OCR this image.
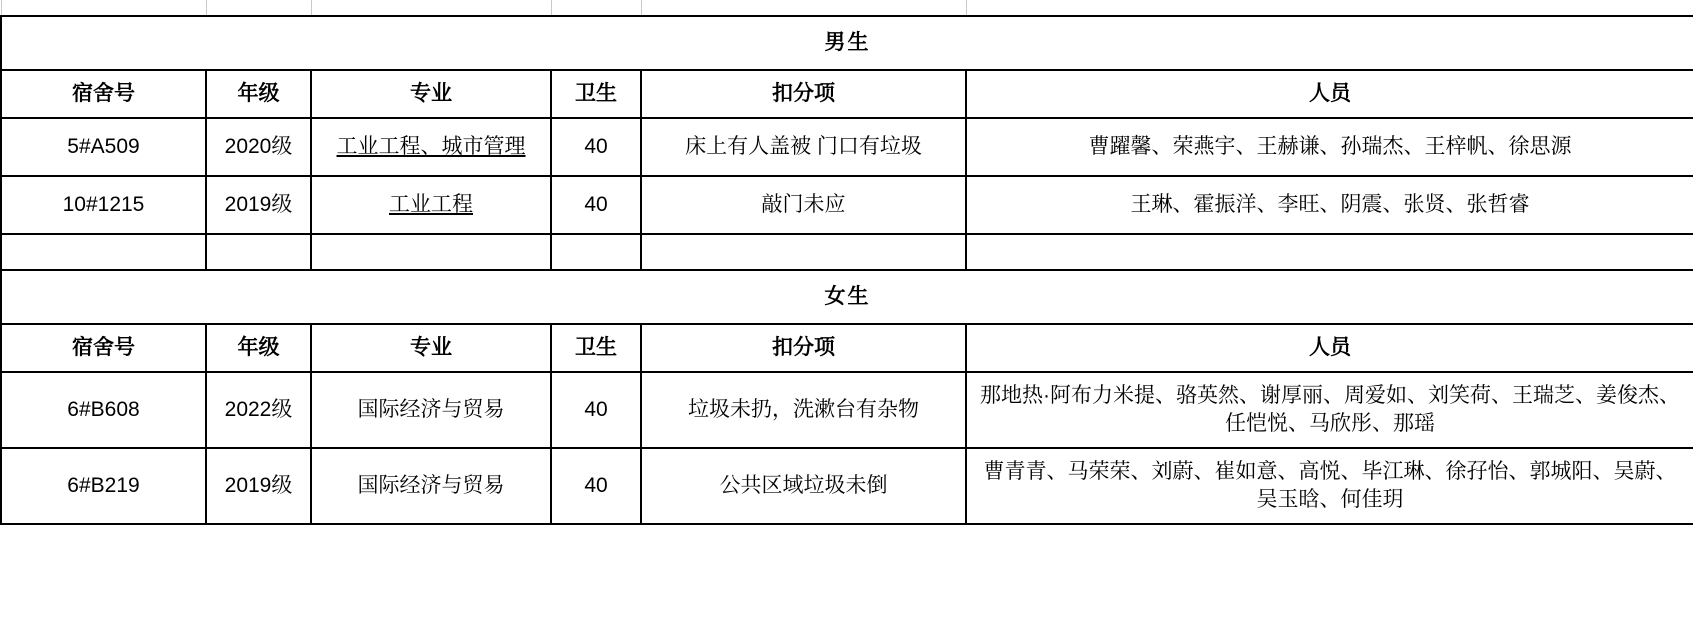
男生					
宿舍号	年级	专业	卫生	扣分项	人员
5#A509	2020级	工业工程、城市管理	40	床上有人盖被 门口有垃圾	曹躍馨、荣燕宇、王赫谦、孙瑞杰、王梓帆、徐思源

10#1215	2019级	工业工程	40	敲门未应	王琳、霍振洋、李旺、阴震、张贤、张哲睿

女生					
宿舍号	年级	专业	卫生	扣分项	人员
6#B608	2022级	国际经济与贸易	40	垃圾未扔，洗漱台有杂物	那地热·阿布力米提、骆英然、谢厚丽、周爱如、刘笑荷、王瑞芝、姜俊杰、任恺悦、马欣彤、那瑶

6#B219	2019级	国际经济与贸易	40	公共区域垃圾未倒	曹青青、马荣荣、刘蔚、崔如意、高悦、毕江琳、徐孖怡、郭城阳、吴蔚、吴玉晗、何佳玥
